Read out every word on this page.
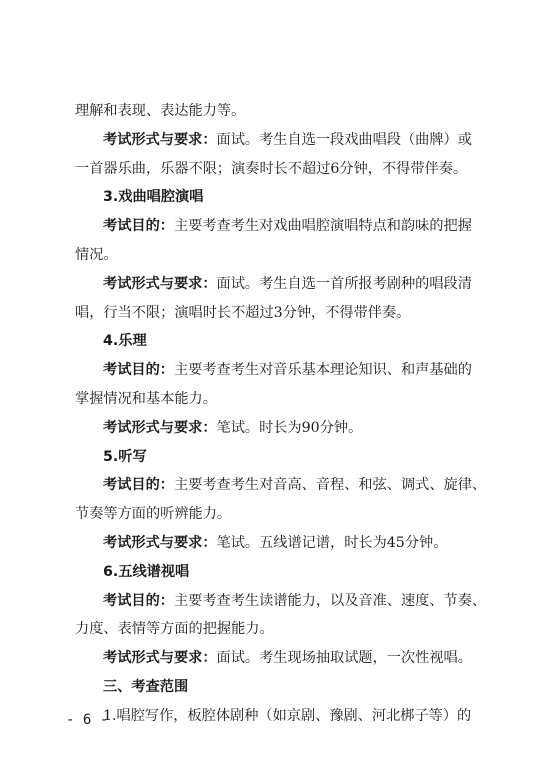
理解和表现、表达能力等。
考试形式与要求：面试。考生自选一段戏曲唱段（曲牌）或
一首器乐曲，乐器不限；演奏时长不超过6分钟，不得带伴奏。
3.戏曲唱腔演唱
考试目的：主要考查考生对戏曲唱腔演唱特点和韵味的把握
情况。
考试形式与要求：面试。考生自选一首所报考剧种的唱段清
唱，行当不限；演唱时长不超过3分钟，不得带伴奏。
4.乐理
考试目的：主要考查考生对音乐基本理论知识、和声基础的
掌握情况和基本能力。
考试形式与要求：笔试。时长为90分钟。
5.听写
考试目的：主要考查考生对音高、音程、和弦、调式、旋律、
节奏等方面的听辨能力。
考试形式与要求：笔试。五线谱记谱，时长为45分钟。
6.五线谱视唱
考试目的：主要考查考生读谱能力，以及音准、速度、节奏、
力度、表情等方面的把握能力。
考试形式与要求：面试。考生现场抽取试题，一次性视唱。
三、考查范围
1.唱腔写作，板腔体剧种（如京剧、豫剧、河北梆子等）的
- 6 -
